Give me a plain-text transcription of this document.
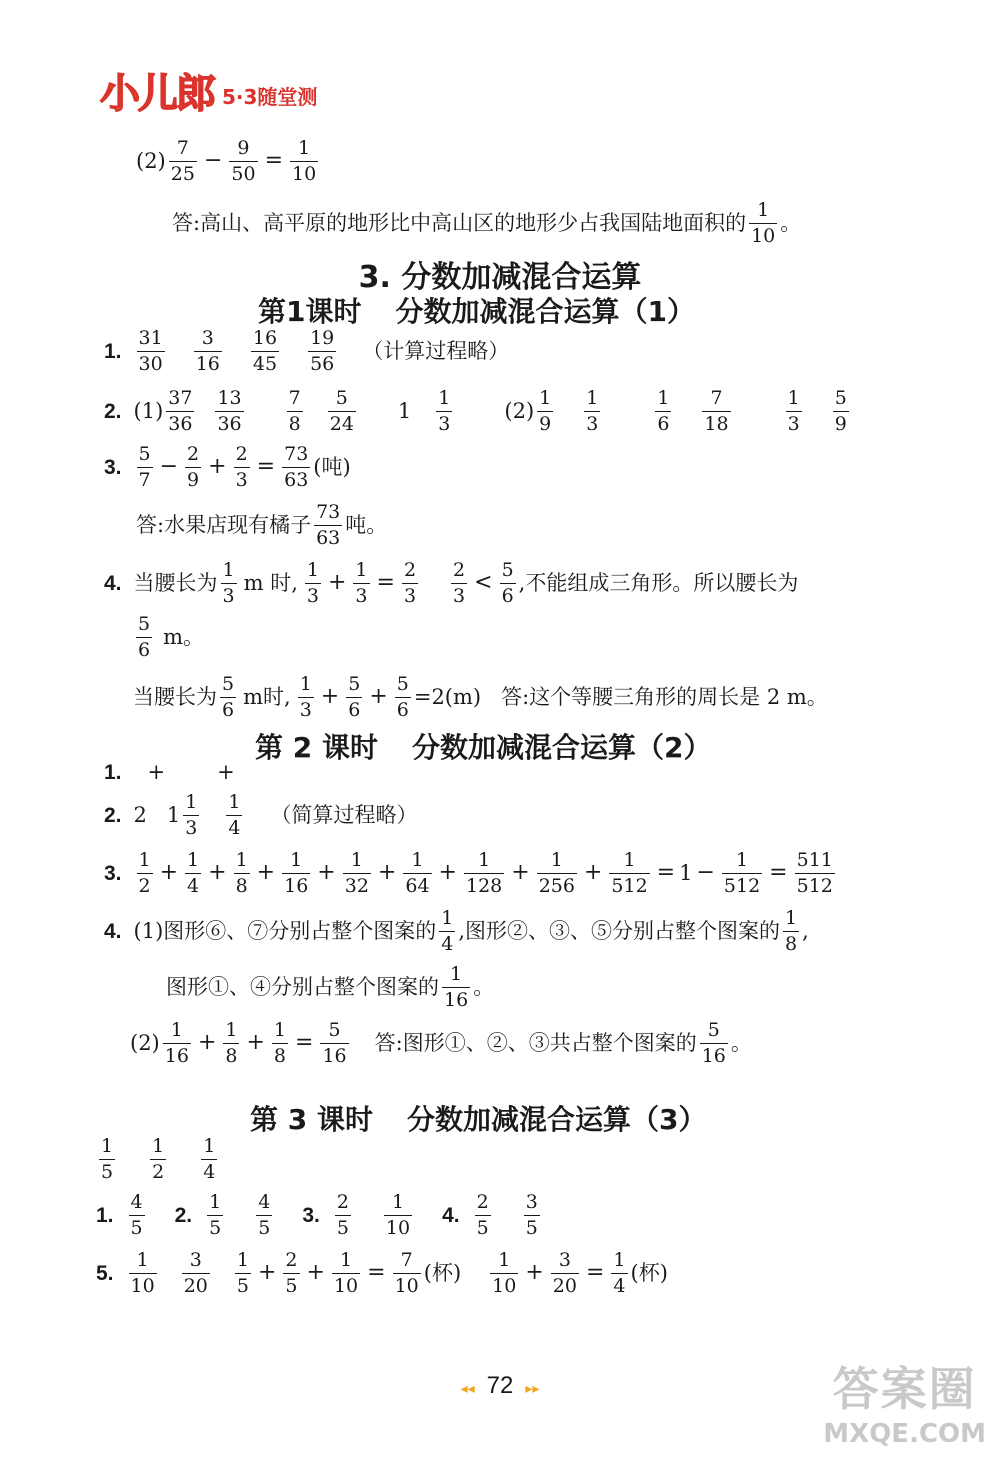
小儿郎 5·3随堂测
$(2) \frac{7}{25} - \frac{9}{50} = \frac{1}{10}$
答:高山、高平原的地形比中高山区的地形少占我国陆地面积的 $\frac{1}{10}$ 。
3. 分数加减混合运算
第1课时 分数加减混合运算（1）
1. $\frac{31}{30} \frac{3}{16} \frac{16}{45} \frac{19}{56}$ （计算过程略）
2. $(1) \frac{37}{36} \frac{13}{36} \frac{7}{8} \frac{5}{24} 1 \frac{1}{3} (2) \frac{1}{9} \frac{1}{3}$	$\frac{1}{6} \frac{7}{18}$	$\frac{1}{3} \frac{5}{9}$
3. $\frac{5}{7} - \frac{2}{9} + \frac{2}{3} = \frac{73}{63}$ (吨)
答:水果店现有橘子 $\frac{73}{63}$ 吨。
4. 当腰长为 $\frac{1}{3}$ m 时, $\frac{1}{3} + \frac{1}{3} = \frac{2}{3} \frac{2}{3} < \frac{5}{6}$ ,不能组成三角形。所以腰长为
$\frac{5}{6}$ m。
当腰长为 $\frac{5}{6}$ m时, $\frac{1}{3} + \frac{5}{6} + \frac{5}{6} =2(m)$ 答:这个等腰三角形的周长是 2 m。
第 2 课时 分数加减混合运算（2）
1. + +
2. 2 $1 \frac{1}{3} \frac{1}{4}$ （简算过程略）
3. $\frac{1}{2} + \frac{1}{4} + \frac{1}{8} + \frac{1}{16} + \frac{1}{32} + \frac{1}{64} + \frac{1}{128} + \frac{1}{256} + \frac{1}{512} = 1 - \frac{1}{512} = \frac{511}{512}$
4. (1)图形⑥、⑦分别占整个图案的 $\frac{1}{4}$ ,图形②、③、⑤分别占整个图案的 $\frac{1}{8}$ ,
图形①、④分别占整个图案的 $\frac{1}{16}$ 。
$(2) \frac{1}{16} + \frac{1}{8} + \frac{1}{8} = \frac{5}{16}$ 答:图形①、②、③共占整个图案的 $\frac{5}{16}$ 。
第 3 课时 分数加减混合运算（3）
$\frac{1}{5} \frac{1}{2} \frac{1}{4}$
1. $\frac{4}{5} 2$. $\frac{1}{5} \frac{4}{5} 3$. $\frac{2}{5} \frac{1}{10} 4$. $\frac{2}{5} \frac{3}{5}$
5. $\frac{1}{10} \frac{3}{20} \frac{1}{5} + \frac{2}{5} + \frac{1}{10} = \frac{7}{10}$ (杯) $\frac{1}{10} + \frac{3}{20} = \frac{1}{4}$ (杯)
◂◂ 72 ▸▸	答案圈
MXQE.COM
